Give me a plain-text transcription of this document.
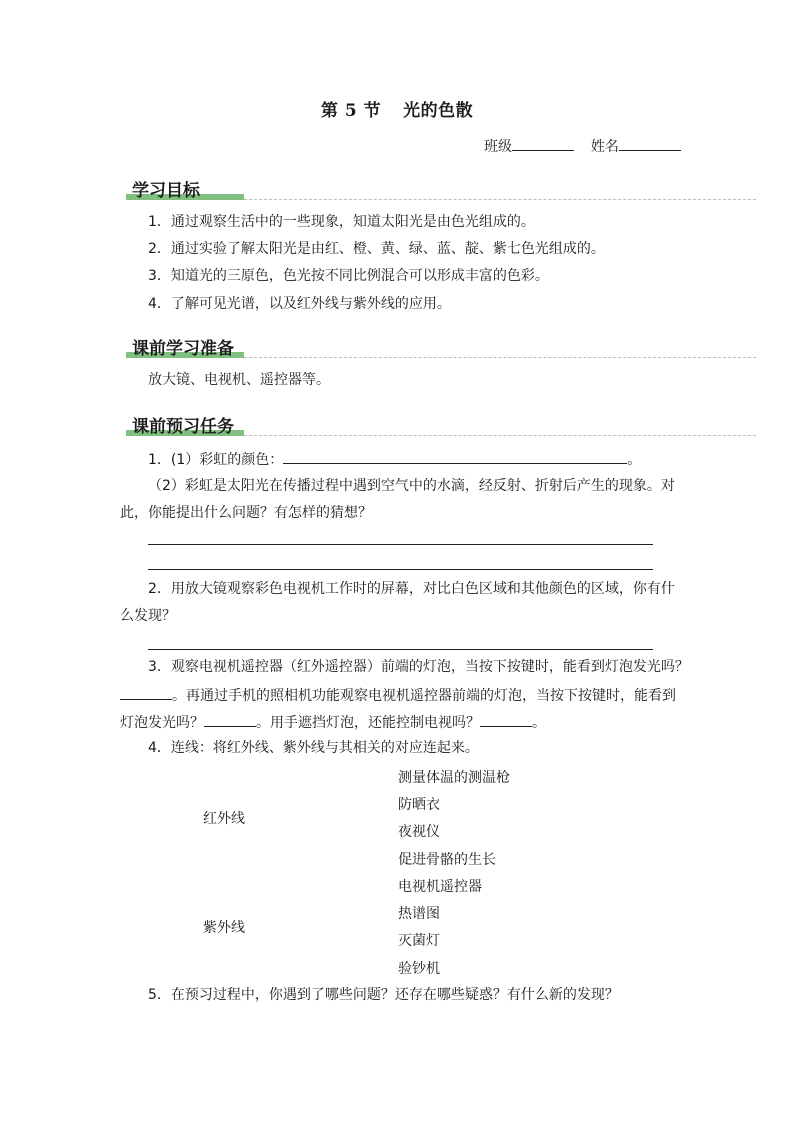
第 5 节 光的色散
班级	姓名
学习目标
1．通过观察生活中的一些现象，知道太阳光是由色光组成的。
2．通过实验了解太阳光是由红、橙、黄、绿、蓝、靛、紫七色光组成的。
3．知道光的三原色，色光按不同比例混合可以形成丰富的色彩。
4．了解可见光谱，以及红外线与紫外线的应用。
课前学习准备
放大镜、电视机、遥控器等。
课前预习任务
1．(1）彩虹的颜色：	。
（2）彩虹是太阳光在传播过程中遇到空气中的水滴，经反射、折射后产生的现象。对
此，你能提出什么问题？有怎样的猜想？
2．用放大镜观察彩色电视机工作时的屏幕，对比白色区域和其他颜色的区域，你有什
么发现？
3．观察电视机遥控器（红外遥控器）前端的灯泡，当按下按键时，能看到灯泡发光吗？
。再通过手机的照相机功能观察电视机遥控器前端的灯泡，当按下按键时，能看到
灯泡发光吗？	。用手遮挡灯泡，还能控制电视吗？	。
4．连线：将红外线、紫外线与其相关的对应连起来。
红外线
紫外线
测量体温的测温枪
防晒衣
夜视仪
促进骨骼的生长
电视机遥控器
热谱图
灭菌灯
验钞机
5．在预习过程中，你遇到了哪些问题？还存在哪些疑惑？有什么新的发现？
